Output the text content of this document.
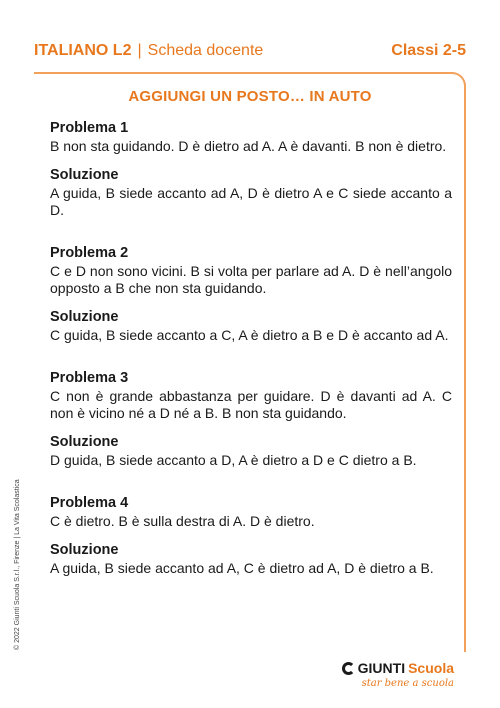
ITALIANO L2 | Scheda docente	Classi 2-5
AGGIUNGI UN POSTO… IN AUTO
Problema 1
B non sta guidando. D è dietro ad A. A è davanti. B non è dietro.
Soluzione
A guida, B siede accanto ad A, D è dietro A e C siede accanto a D.
Problema 2
C e D non sono vicini. B si volta per parlare ad A. D è nell’angolo opposto a B che non sta guidando.
Soluzione
C guida, B siede accanto a C, A è dietro a B e D è accanto ad A.
Problema 3
C non è grande abbastanza per guidare. D è davanti ad A. C non è vicino né a D né a B. B non sta guidando.
Soluzione
D guida, B siede accanto a D, A è dietro a D e C dietro a B.
Problema 4
C è dietro. B è sulla destra di A. D è dietro.
Soluzione
A guida, B siede accanto ad A, C è dietro ad A, D è dietro a B.
© 2022 Giunti Scuola S.r.l., Firenze | La Vita Scolastica
GIUNTI Scuola
star bene a scuola
